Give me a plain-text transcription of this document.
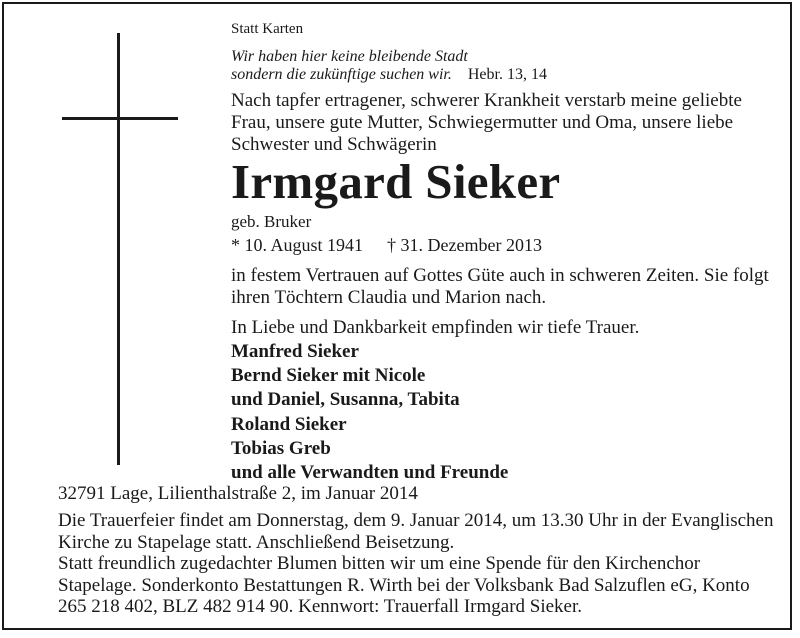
Statt Karten
Wir haben hier keine bleibende Stadt
sondern die zukünftige suchen wir. Hebr. 13, 14
Nach tapfer ertragener, schwerer Krankheit verstarb meine geliebte Frau, unsere gute Mutter, Schwiegermutter und Oma, unsere liebe Schwester und Schwägerin
Irmgard Sieker
geb. Bruker
* 10. August 1941 † 31. Dezember 2013
in festem Vertrauen auf Gottes Güte auch in schweren Zeiten. Sie folgt ihren Töchtern Claudia und Marion nach.
In Liebe und Dankbarkeit empfinden wir tiefe Trauer.
Manfred Sieker
Bernd Sieker mit Nicole
und Daniel, Susanna, Tabita
Roland Sieker
Tobias Greb
und alle Verwandten und Freunde
32791 Lage, Lilienthalstraße 2, im Januar 2014
Die Trauerfeier findet am Donnerstag, dem 9. Januar 2014, um 13.30 Uhr in der Evanglischen Kirche zu Stapelage statt. Anschließend Beisetzung.
Statt freundlich zugedachter Blumen bitten wir um eine Spende für den Kirchenchor Stapelage. Sonderkonto Bestattungen R. Wirth bei der Volksbank Bad Salzuflen eG, Konto 265 218 402, BLZ 482 914 90. Kennwort: Trauerfall Irmgard Sieker.
